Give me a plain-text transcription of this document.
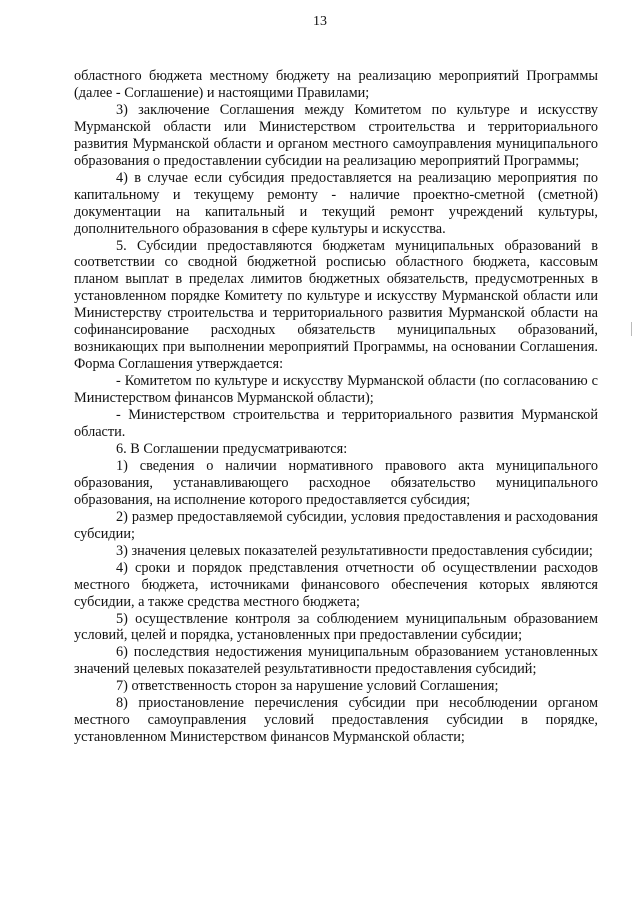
13

областного бюджета местному бюджету на реализацию мероприятий Программы (далее - Соглашение) и настоящими Правилами;

3) заключение Соглашения между Комитетом по культуре и искусству Мурманской области или Министерством строительства и территориального развития Мурманской области и органом местного самоуправления муниципального образования о предоставлении субсидии на реализацию мероприятий Программы;

4) в случае если субсидия предоставляется на реализацию мероприятия по капитальному и текущему ремонту - наличие проектно-сметной (сметной) документации на капитальный и текущий ремонт учреждений культуры, дополнительного образования в сфере культуры и искусства.

5. Субсидии предоставляются бюджетам муниципальных образований в соответствии со сводной бюджетной росписью областного бюджета, кассовым планом выплат в пределах лимитов бюджетных обязательств, предусмотренных в установленном порядке Комитету по культуре и искусству Мурманской области или Министерству строительства и территориального развития Мурманской области на софинансирование расходных обязательств муниципальных образований, возникающих при выполнении мероприятий Программы, на основании Соглашения. Форма Соглашения утверждается:

- Комитетом по культуре и искусству Мурманской области (по согласованию с Министерством финансов Мурманской области);

- Министерством строительства и территориального развития Мурманской области.

6. В Соглашении предусматриваются:

1) сведения о наличии нормативного правового акта муниципального образования, устанавливающего расходное обязательство муниципального образования, на исполнение которого предоставляется субсидия;

2) размер предоставляемой субсидии, условия предоставления и расходования субсидии;

3) значения целевых показателей результативности предоставления субсидии;

4) сроки и порядок представления отчетности об осуществлении расходов местного бюджета, источниками финансового обеспечения которых являются субсидии, а также средства местного бюджета;

5) осуществление контроля за соблюдением муниципальным образованием условий, целей и порядка, установленных при предоставлении субсидии;

6) последствия недостижения муниципальным образованием установленных значений целевых показателей результативности предоставления субсидий;

7) ответственность сторон за нарушение условий Соглашения;

8) приостановление перечисления субсидии при несоблюдении органом местного самоуправления условий предоставления субсидии в порядке, установленном Министерством финансов Мурманской области;
